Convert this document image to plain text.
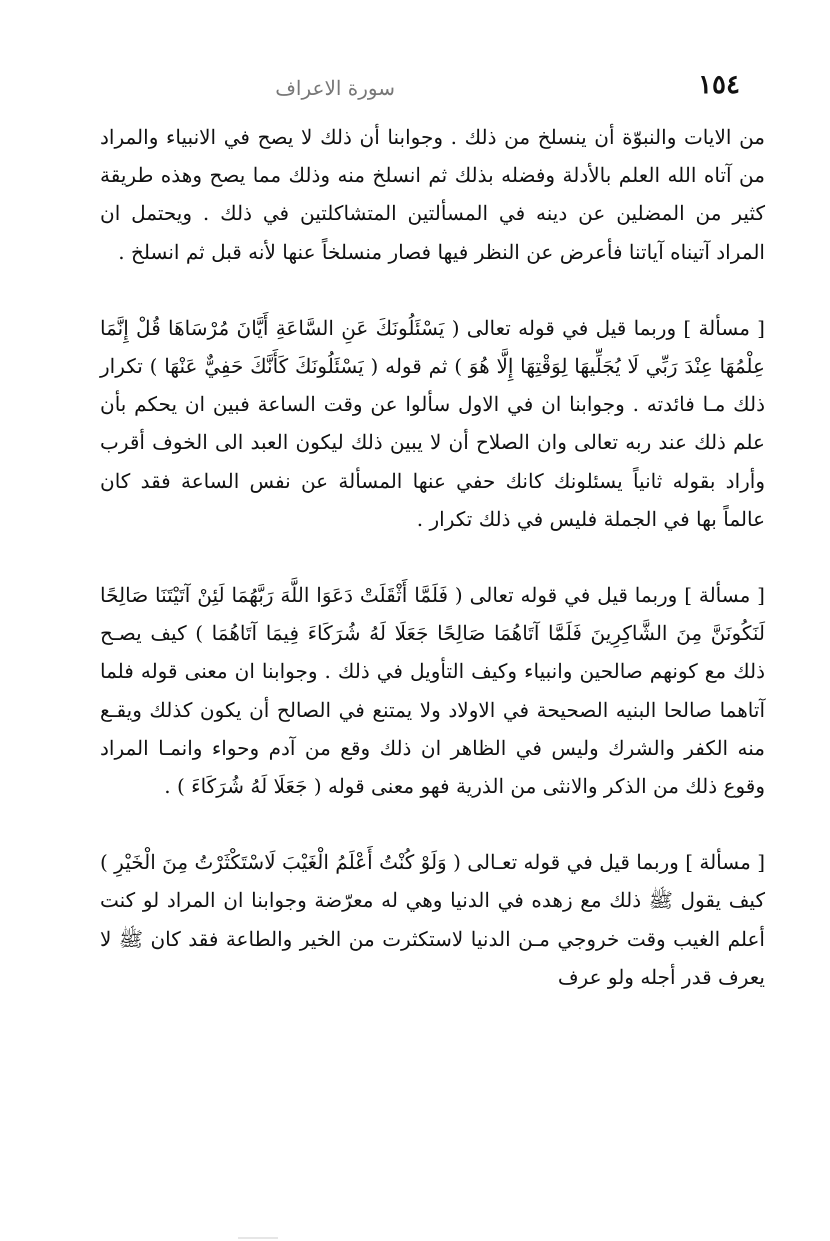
١٥٤
سورة الاعراف

من الايات والنبوّة أن ينسلخ من ذلك . وجوابنا أن ذلك لا يصح في الانبياء والمراد من آتاه الله العلم بالأدلة وفضله بذلك ثم انسلخ منه وذلك مما يصح وهذه طريقة كثير من المضلين عن دينه في المسألتين المتشاكلتين في ذلك . ويحتمل ان المراد آتيناه آياتنا فأعرض عن النظر فيها فصار منسلخاً عنها لأنه قبل ثم انسلخ .

[ مسألة ] وربما قيل في قوله تعالى ( يَسْئَلُونَكَ عَنِ السَّاعَةِ أَيَّانَ مُرْسَاهَا قُلْ إِنَّمَا عِلْمُهَا عِنْدَ رَبِّي لَا يُجَلِّيهَا لِوَقْتِهَا إِلَّا هُوَ ) ثم قوله ( يَسْئَلُونَكَ كَأَنَّكَ حَفِيٌّ عَنْهَا ) تكرار ذلك مـا فائدته . وجوابنا ان في الاول سألوا عن وقت الساعة فبين ان يحكم بأن علم ذلك عند ربه تعالى وان الصلاح أن لا يبين ذلك ليكون العبد الى الخوف أقرب وأراد بقوله ثانياً يسئلونك كانك حفي عنها المسألة عن نفس الساعة فقد كان عالماً بها في الجملة فليس في ذلك تكرار .

[ مسألة ] وربما قيل في قوله تعالى ( فَلَمَّا أَثْقَلَتْ دَعَوَا اللَّهَ رَبَّهُمَا لَئِنْ آتَيْتَنَا صَالِحًا لَنَكُونَنَّ مِنَ الشَّاكِرِينَ فَلَمَّا آتَاهُمَا صَالِحًا جَعَلَا لَهُ شُرَكَاءَ فِيمَا آتَاهُمَا ) كيف يصـح ذلك مع كونهم صالحين وانبياء وكيف التأويل في ذلك . وجوابنا ان معنى قوله فلما آتاهما صالحا البنيه الصحيحة في الاولاد ولا يمتنع في الصالح أن يكون كذلك ويقـع منه الكفر والشرك وليس في الظاهر ان ذلك وقع من آدم وحواء وانمـا المراد وقوع ذلك من الذكر والانثى من الذرية فهو معنى قوله ( جَعَلَا لَهُ شُرَكَاءَ ) .

[ مسألة ] وربما قيل في قوله تعـالى ( وَلَوْ كُنْتُ أَعْلَمُ الْغَيْبَ لَاسْتَكْثَرْتُ مِنَ الْخَيْرِ ) كيف يقول ﷺ ذلك مع زهده في الدنيا وهي له معرّضة وجوابنا ان المراد لو كنت أعلم الغيب وقت خروجي مـن الدنيا لاستكثرت من الخير والطاعة فقد كان ﷺ لا يعرف قدر أجله ولو عرف
